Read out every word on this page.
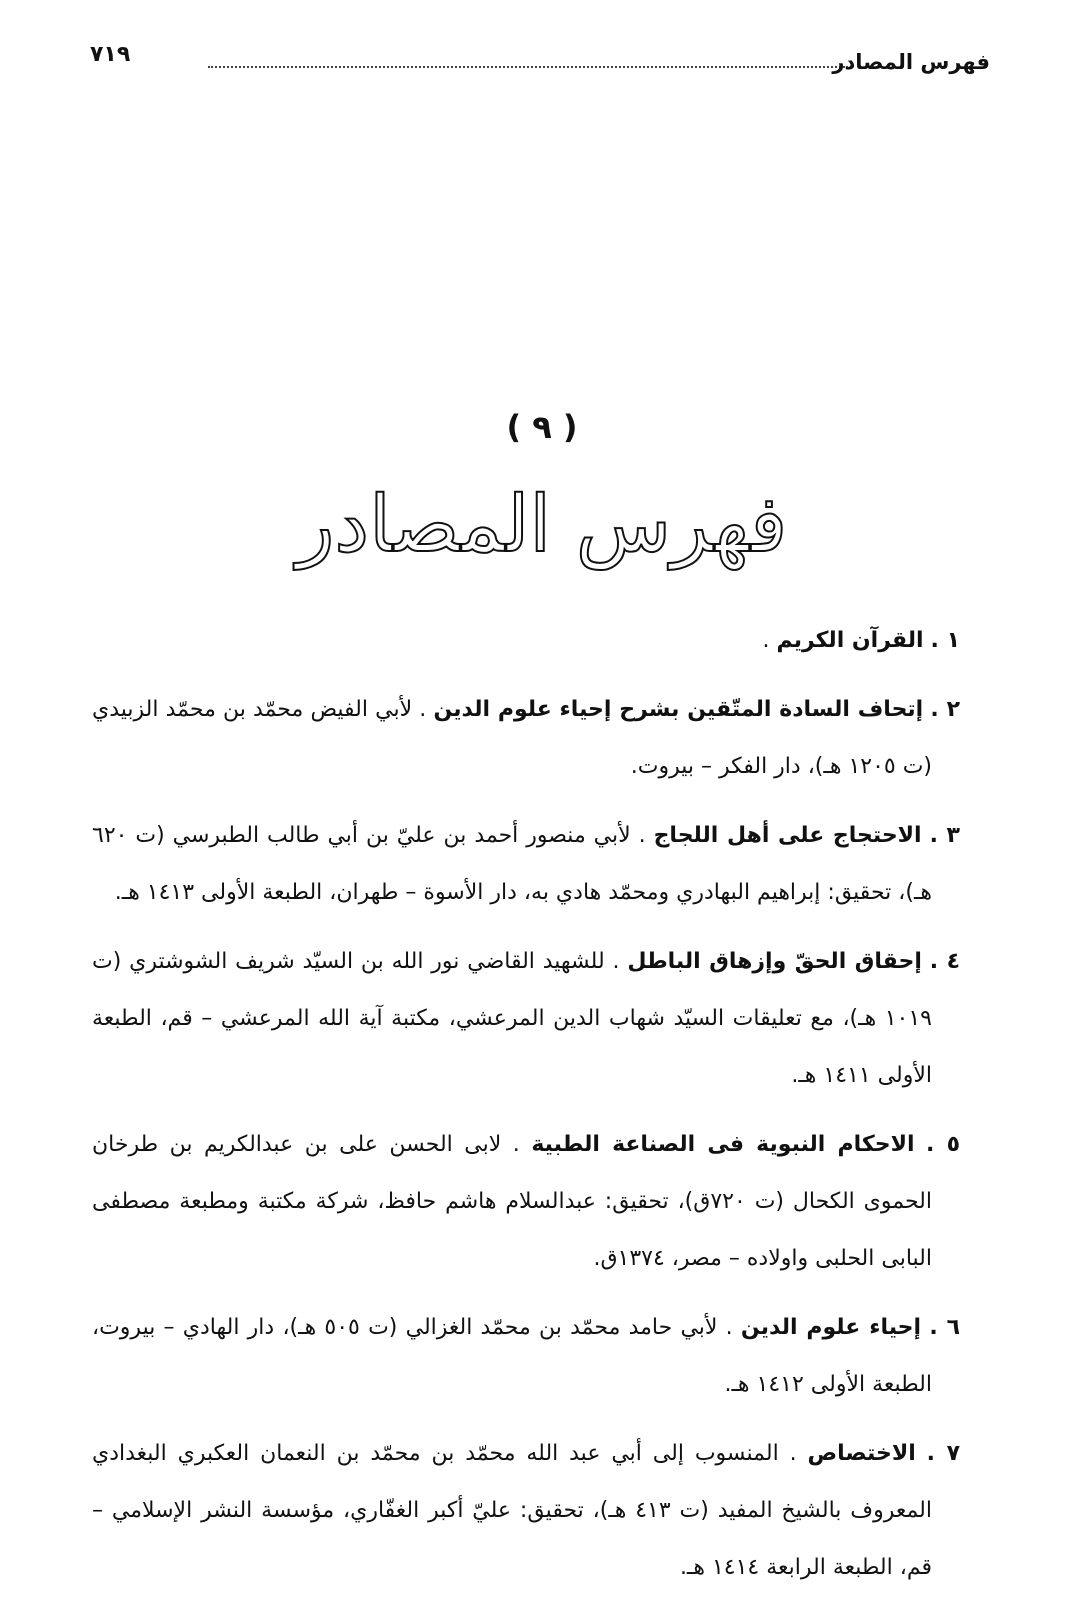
٧١٩	فهرس المصادر
( ٩ )
فهرس المصادر

١ . القرآن الكريم .

٢ . إتحاف السادة المتّقين بشرح إحياء علوم الدين . لأبي الفيض محمّد بن محمّد الزبيدي (ت ١٢٠٥ هـ)، دار الفكر – بيروت.

٣ . الاحتجاج على أهل اللجاج . لأبي منصور أحمد بن عليّ بن أبي طالب الطبرسي (ت ٦٢٠ هـ)، تحقيق: إبراهيم البهادري ومحمّد هادي به، دار الأسوة – طهران، الطبعة الأولى ١٤١٣ هـ.

٤ . إحقاق الحقّ وإزهاق الباطل . للشهيد القاضي نور الله بن السيّد شريف الشوشتري (ت ١٠١٩ هـ)، مع تعليقات السيّد شهاب الدين المرعشي، مكتبة آية الله المرعشي – قم، الطبعة الأولى ١٤١١ هـ.

٥ . الاحكام النبوية فى الصناعة الطبية . لابى الحسن على بن عبدالكريم بن طرخان الحموى الكحال (ت ٧٢٠ق)، تحقيق: عبدالسلام هاشم حافظ، شركة مكتبة ومطبعة مصطفى البابى الحلبى واولاده – مصر، ١٣٧٤ق.

٦ . إحياء علوم الدين . لأبي حامد محمّد بن محمّد الغزالي (ت ٥٠٥ هـ)، دار الهادي – بيروت، الطبعة الأولى ١٤١٢ هـ.

٧ . الاختصاص . المنسوب إلى أبي عبد الله محمّد بن محمّد بن النعمان العكبري البغدادي المعروف بالشيخ المفيد (ت ٤١٣ هـ)، تحقيق: عليّ أكبر الغفّاري، مؤسسة النشر الإسلامي – قم، الطبعة الرابعة ١٤١٤ هـ.
